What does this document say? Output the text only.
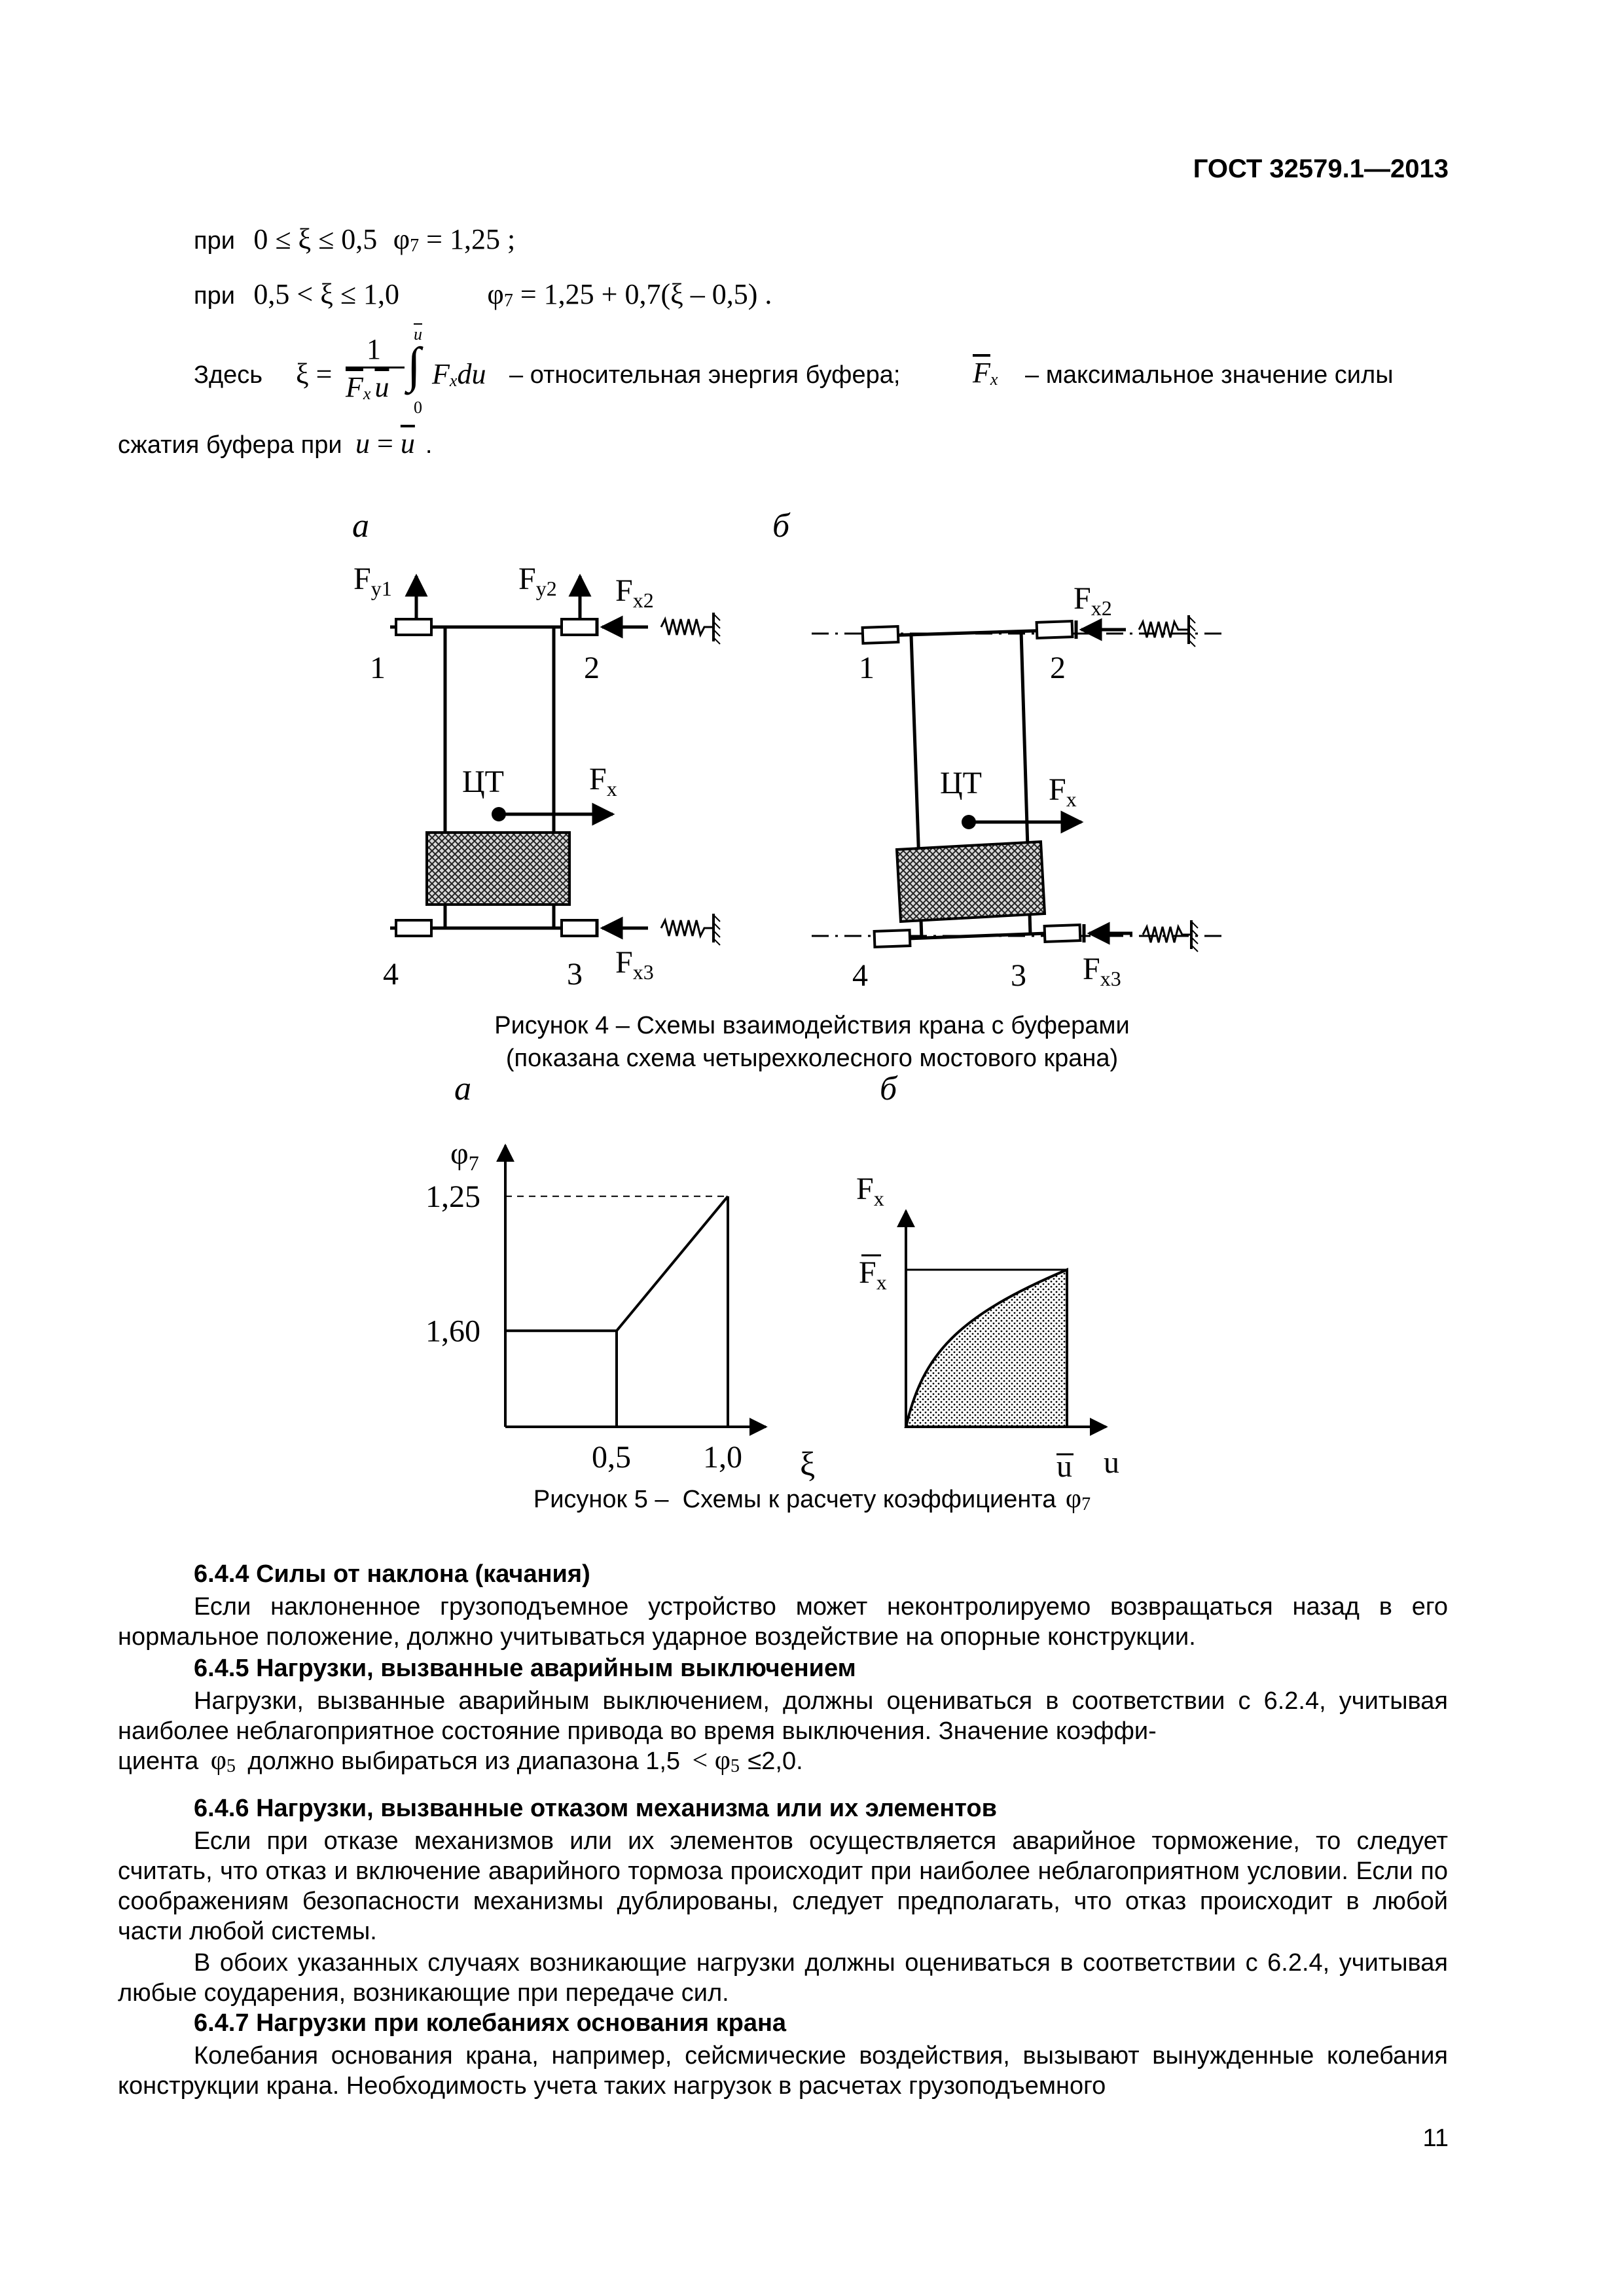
ГОСТ 32579.1—2013
при 0 ≤ ξ ≤ 0,5 $\varphi_7 = 1,25$ ;
при 0,5 < ξ ≤ 1,0	$\varphi_7 = 1,25 + 0,7(\xi - 0,5)$ .
Здесь ξ =
1
$\overline{F}_x$ $\overline{u}$
$\overline{u}$
∫
0
$F_xdu$ – относительная энергия буфера;	$\overline{F}_x$ – максимальное значение силы
сжатия буфера при $u = \overline{u}$ .
а	б
$F_{y1}$	$F_{y2}$ $F_{x2}$
$F_x$
$F_{x3}$
ЦТ
1	2
3
4
$F_{x2}$
$F_x$
$F_{x3}$
ЦТ
1	2
3
4
Рисунок 4 – Схемы взаимодействия крана с буферами
(показана схема четырехколесного мостового крана)
а	б
$\varphi_7$
ξ
1,25
1,60
0,5 1,0
$F_x$
$F_x$
u u
Рисунок 5 –  Схемы к расчету коэффициента $\varphi_7$
6.4.4 Силы от наклона (качания)
Если наклоненное грузоподъемное устройство может неконтролируемо возвращаться назад в его нормальное положение, должно учитываться ударное воздействие на опорные конструкции.
6.4.5 Нагрузки, вызванные аварийным выключением
Нагрузки, вызванные аварийным выключением, должны оцениваться в соответствии с 6.2.4, учитывая наиболее неблагоприятное состояние привода во время выключения. Значение коэффи-
циента $\varphi_5$ должно выбираться из диапазона $1,5 < \varphi_5 \le 2,0$.
6.4.6 Нагрузки, вызванные отказом механизма или их элементов
Если при отказе механизмов или их элементов осуществляется аварийное торможение, то следует считать, что отказ и включение аварийного тормоза происходит при наиболее неблагоприятном условии. Если по соображениям безопасности механизмы дублированы, следует предполагать, что отказ происходит в любой части любой системы.
В обоих указанных случаях возникающие нагрузки должны оцениваться в соответствии с 6.2.4, учитывая любые соударения, возникающие при передаче сил.
6.4.7 Нагрузки при колебаниях основания крана
Колебания основания крана, например, сейсмические воздействия, вызывают вынужденные колебания конструкции крана. Необходимость учета таких нагрузок в расчетах грузоподъемного
11
